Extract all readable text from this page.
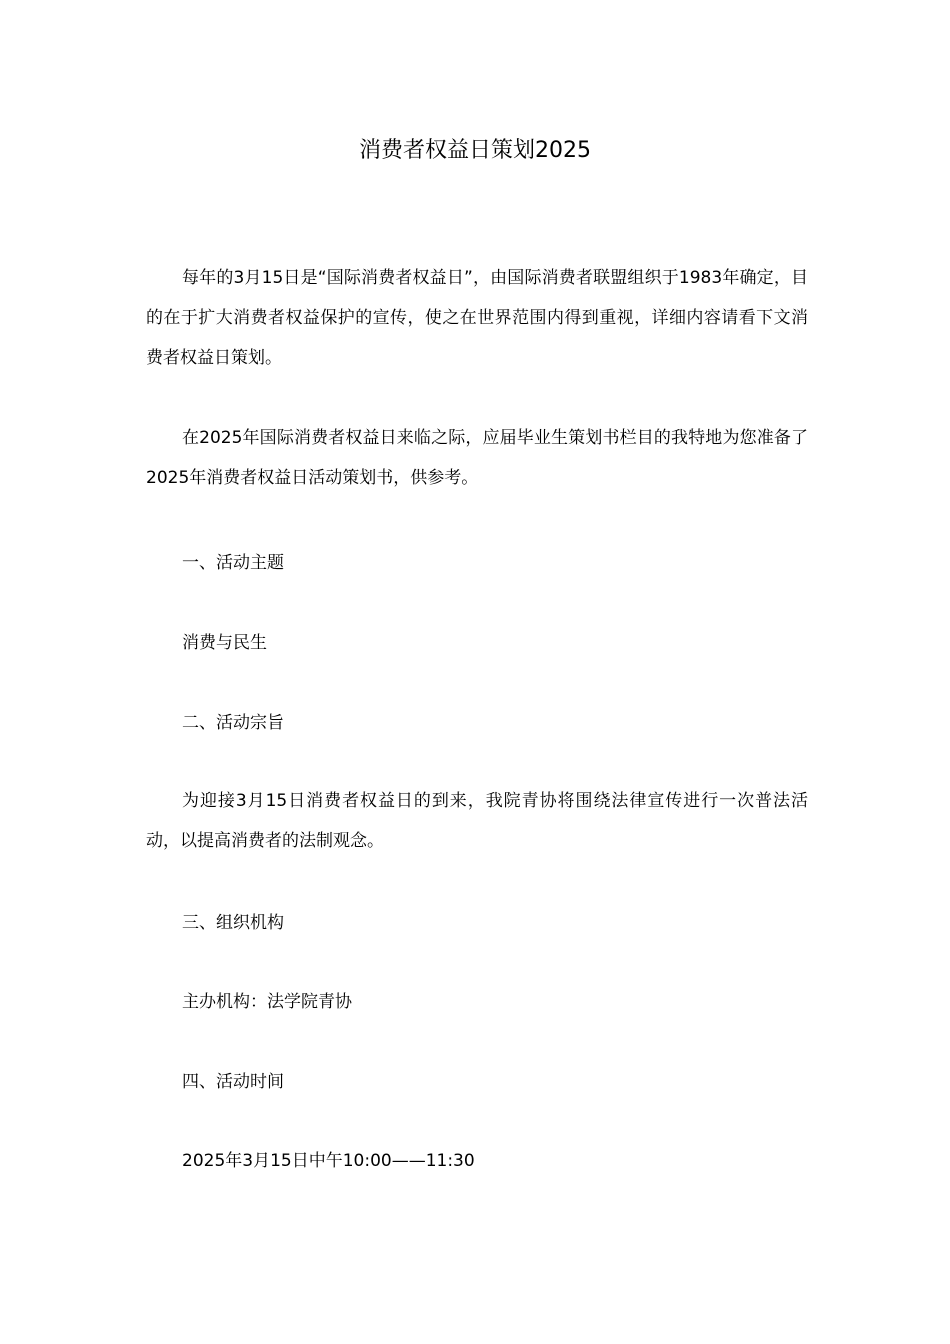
消费者权益日策划2025

每年的3月15日是“国际消费者权益日”，由国际消费者联盟组织于1983年确定，目的在于扩大消费者权益保护的宣传，使之在世界范围内得到重视，详细内容请看下文消费者权益日策划。

在2025年国际消费者权益日来临之际，应届毕业生策划书栏目的我特地为您准备了2025年消费者权益日活动策划书，供参考。

一、活动主题

消费与民生

二、活动宗旨

为迎接3月15日消费者权益日的到来，我院青协将围绕法律宣传进行一次普法活动，以提高消费者的法制观念。

三、组织机构

主办机构：法学院青协

四、活动时间

2025年3月15日中午10:00——11:30
